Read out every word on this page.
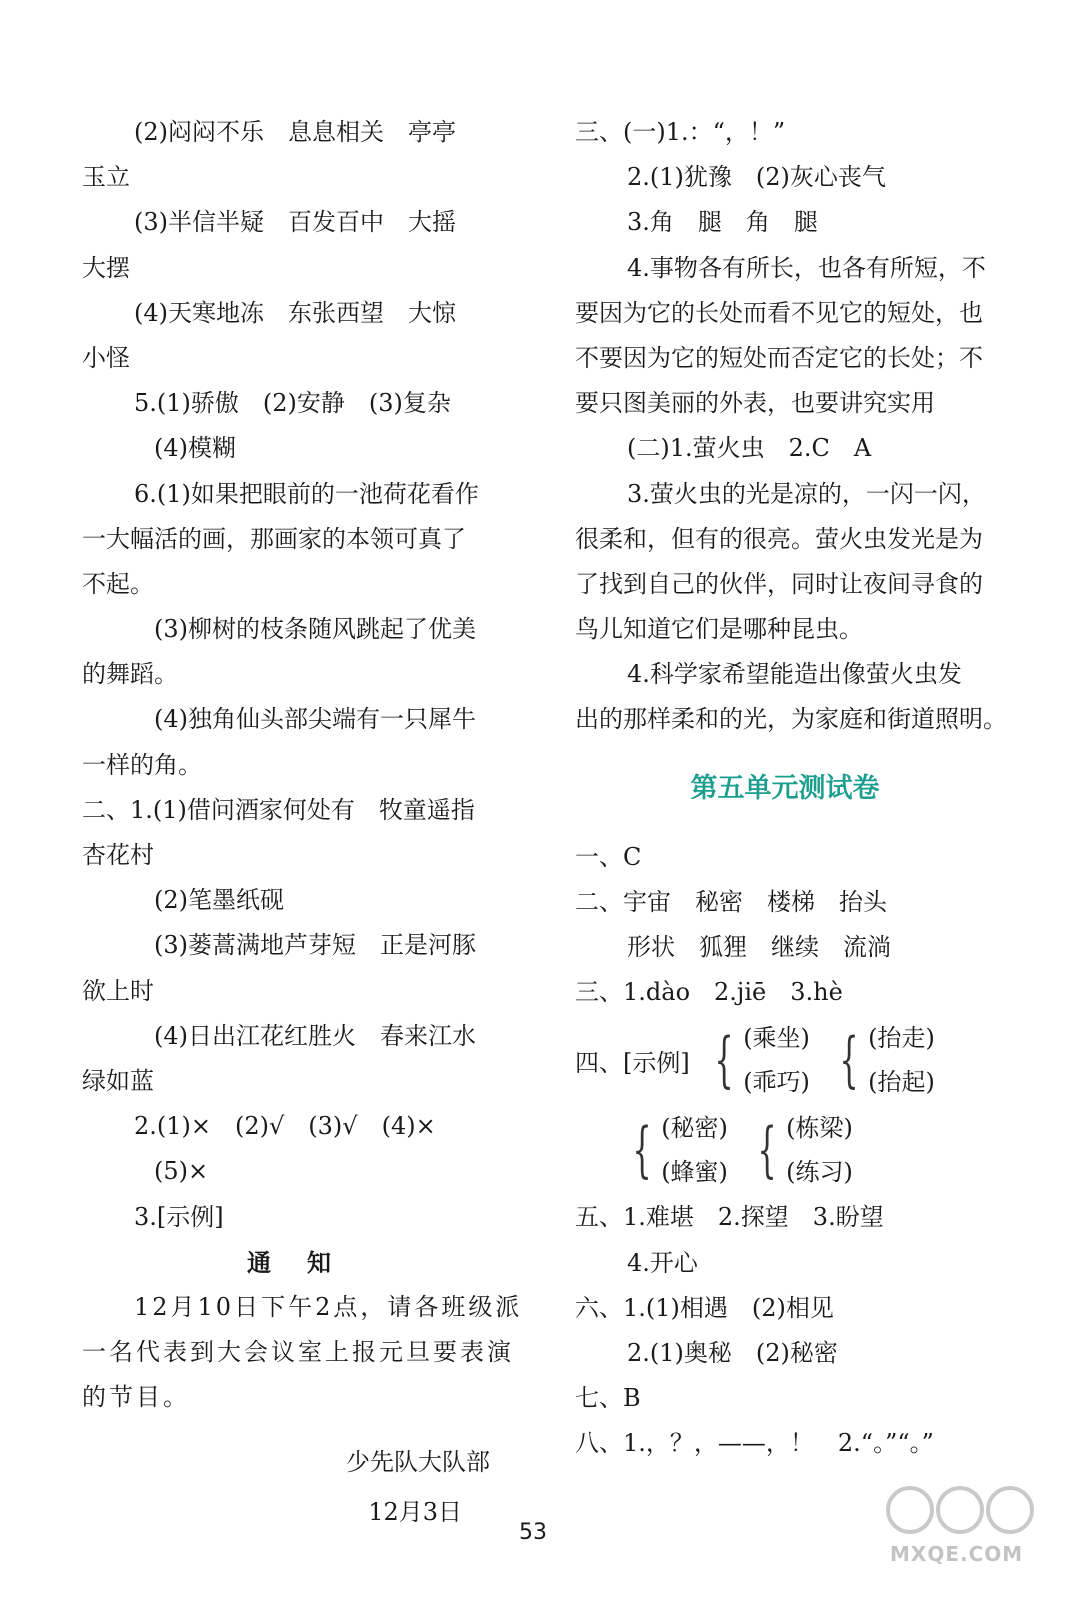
(2)闷闷不乐　息息相关　亭亭
玉立
(3)半信半疑　百发百中　大摇
大摆
(4)天寒地冻　东张西望　大惊
小怪
5.(1)骄傲　(2)安静　(3)复杂
(4)模糊
6.(1)如果把眼前的一池荷花看作
一大幅活的画，那画家的本领可真了
不起。
(3)柳树的枝条随风跳起了优美
的舞蹈。
(4)独角仙头部尖端有一只犀牛
一样的角。
二、1.(1)借问酒家何处有　牧童遥指
杏花村
(2)笔墨纸砚
(3)蒌蒿满地芦芽短　正是河豚
欲上时
(4)日出江花红胜火　春来江水
绿如蓝
2.(1)×　(2)√　(3)√　(4)×
(5)×
3.[示例]
通　知
12月10日下午2点，请各班级派
一名代表到大会议室上报元旦要表演
的节目。
少先队大队部
12月3日
三、(一)1.：“，！”
2.(1)犹豫　(2)灰心丧气
3.角　腿　角　腿
4.事物各有所长，也各有所短，不
要因为它的长处而看不见它的短处，也
不要因为它的短处而否定它的长处；不
要只图美丽的外表，也要讲究实用
(二)1.萤火虫　2.C　A
3.萤火虫的光是凉的，一闪一闪，
很柔和，但有的很亮。萤火虫发光是为
了找到自己的伙伴，同时让夜间寻食的
鸟儿知道它们是哪种昆虫。
4.科学家希望能造出像萤火虫发
出的那样柔和的光，为家庭和街道照明。
第五单元测试卷
一、C
二、宇宙　秘密　楼梯　抬头
形状　狐狸　继续　流淌
三、1.dào　2.jiē　3.hè
四、[示例] { (乘坐)
(乖巧) { (抬走)
(抬起)
{ (秘密)
(蜂蜜) { (栋梁)
(练习)
五、1.难堪　2.探望　3.盼望
4.开心
六、1.(1)相遇　(2)相见
2.(1)奥秘　(2)秘密
七、B
八、1.，？，——，！　2.“。”“。”
53
MXQE.COM
